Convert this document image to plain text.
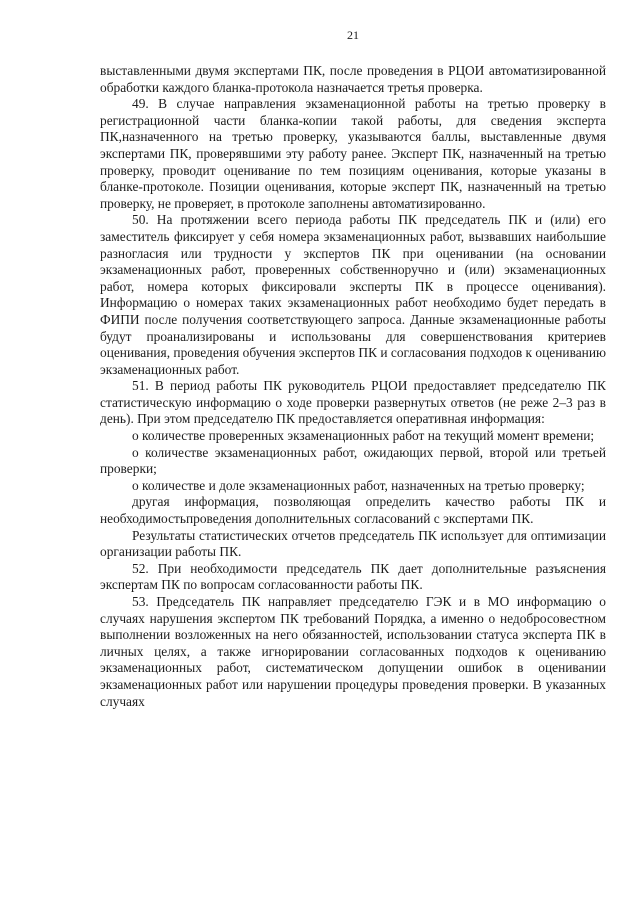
21

выставленными двумя экспертами ПК, после проведения в РЦОИ автоматизированной обработки каждого бланка-протокола назначается третья проверка.

49. В случае направления экзаменационной работы на третью проверку в регистрационной части бланка-копии такой работы, для сведения эксперта ПК,назначенного на третью проверку, указываются баллы, выставленные двумя экспертами ПК, проверявшими эту работу ранее. Эксперт ПК, назначенный на третью проверку, проводит оценивание по тем позициям оценивания, которые указаны в бланке-протоколе. Позиции оценивания, которые эксперт ПК, назначенный на третью проверку, не проверяет, в протоколе заполнены автоматизированно.

50. На протяжении всего периода работы ПК председатель ПК и (или) его заместитель фиксирует у себя номера экзаменационных работ, вызвавших наибольшие разногласия или трудности у экспертов ПК при оценивании (на основании экзаменационных работ, проверенных собственноручно и (или) экзаменационных работ, номера которых фиксировали эксперты ПК в процессе оценивания). Информацию о номерах таких экзаменационных работ необходимо будет передать в ФИПИ после получения соответствующего запроса. Данные экзаменационные работы будут проанализированы и использованы для совершенствования критериев оценивания, проведения обучения экспертов ПК и согласования подходов к оцениванию экзаменационных работ.

51. В период работы ПК руководитель РЦОИ предоставляет председателю ПК статистическую информацию о ходе проверки развернутых ответов (не реже 2–3 раз в день). При этом председателю ПК предоставляется оперативная информация:

о количестве проверенных экзаменационных работ на текущий момент времени;

о количестве экзаменационных работ, ожидающих первой, второй или третьей проверки;

о количестве и доле экзаменационных работ, назначенных на третью проверку;

другая информация, позволяющая определить качество работы ПК и необходимостьпроведения дополнительных согласований с экспертами ПК.

Результаты статистических отчетов председатель ПК использует для оптимизации организации работы ПК.

52. При необходимости председатель ПК дает дополнительные разъяснения экспертам ПК по вопросам согласованности работы ПК.

53. Председатель ПК направляет председателю ГЭК и в МО информацию о случаях нарушения экспертом ПК требований Порядка, а именно о недобросовестном выполнении возложенных на него обязанностей, использовании статуса эксперта ПК в личных целях, а также игнорировании согласованных подходов к оцениванию экзаменационных работ, систематическом допущении ошибок в оценивании экзаменационных работ или нарушении процедуры проведения проверки. В указанных случаях
